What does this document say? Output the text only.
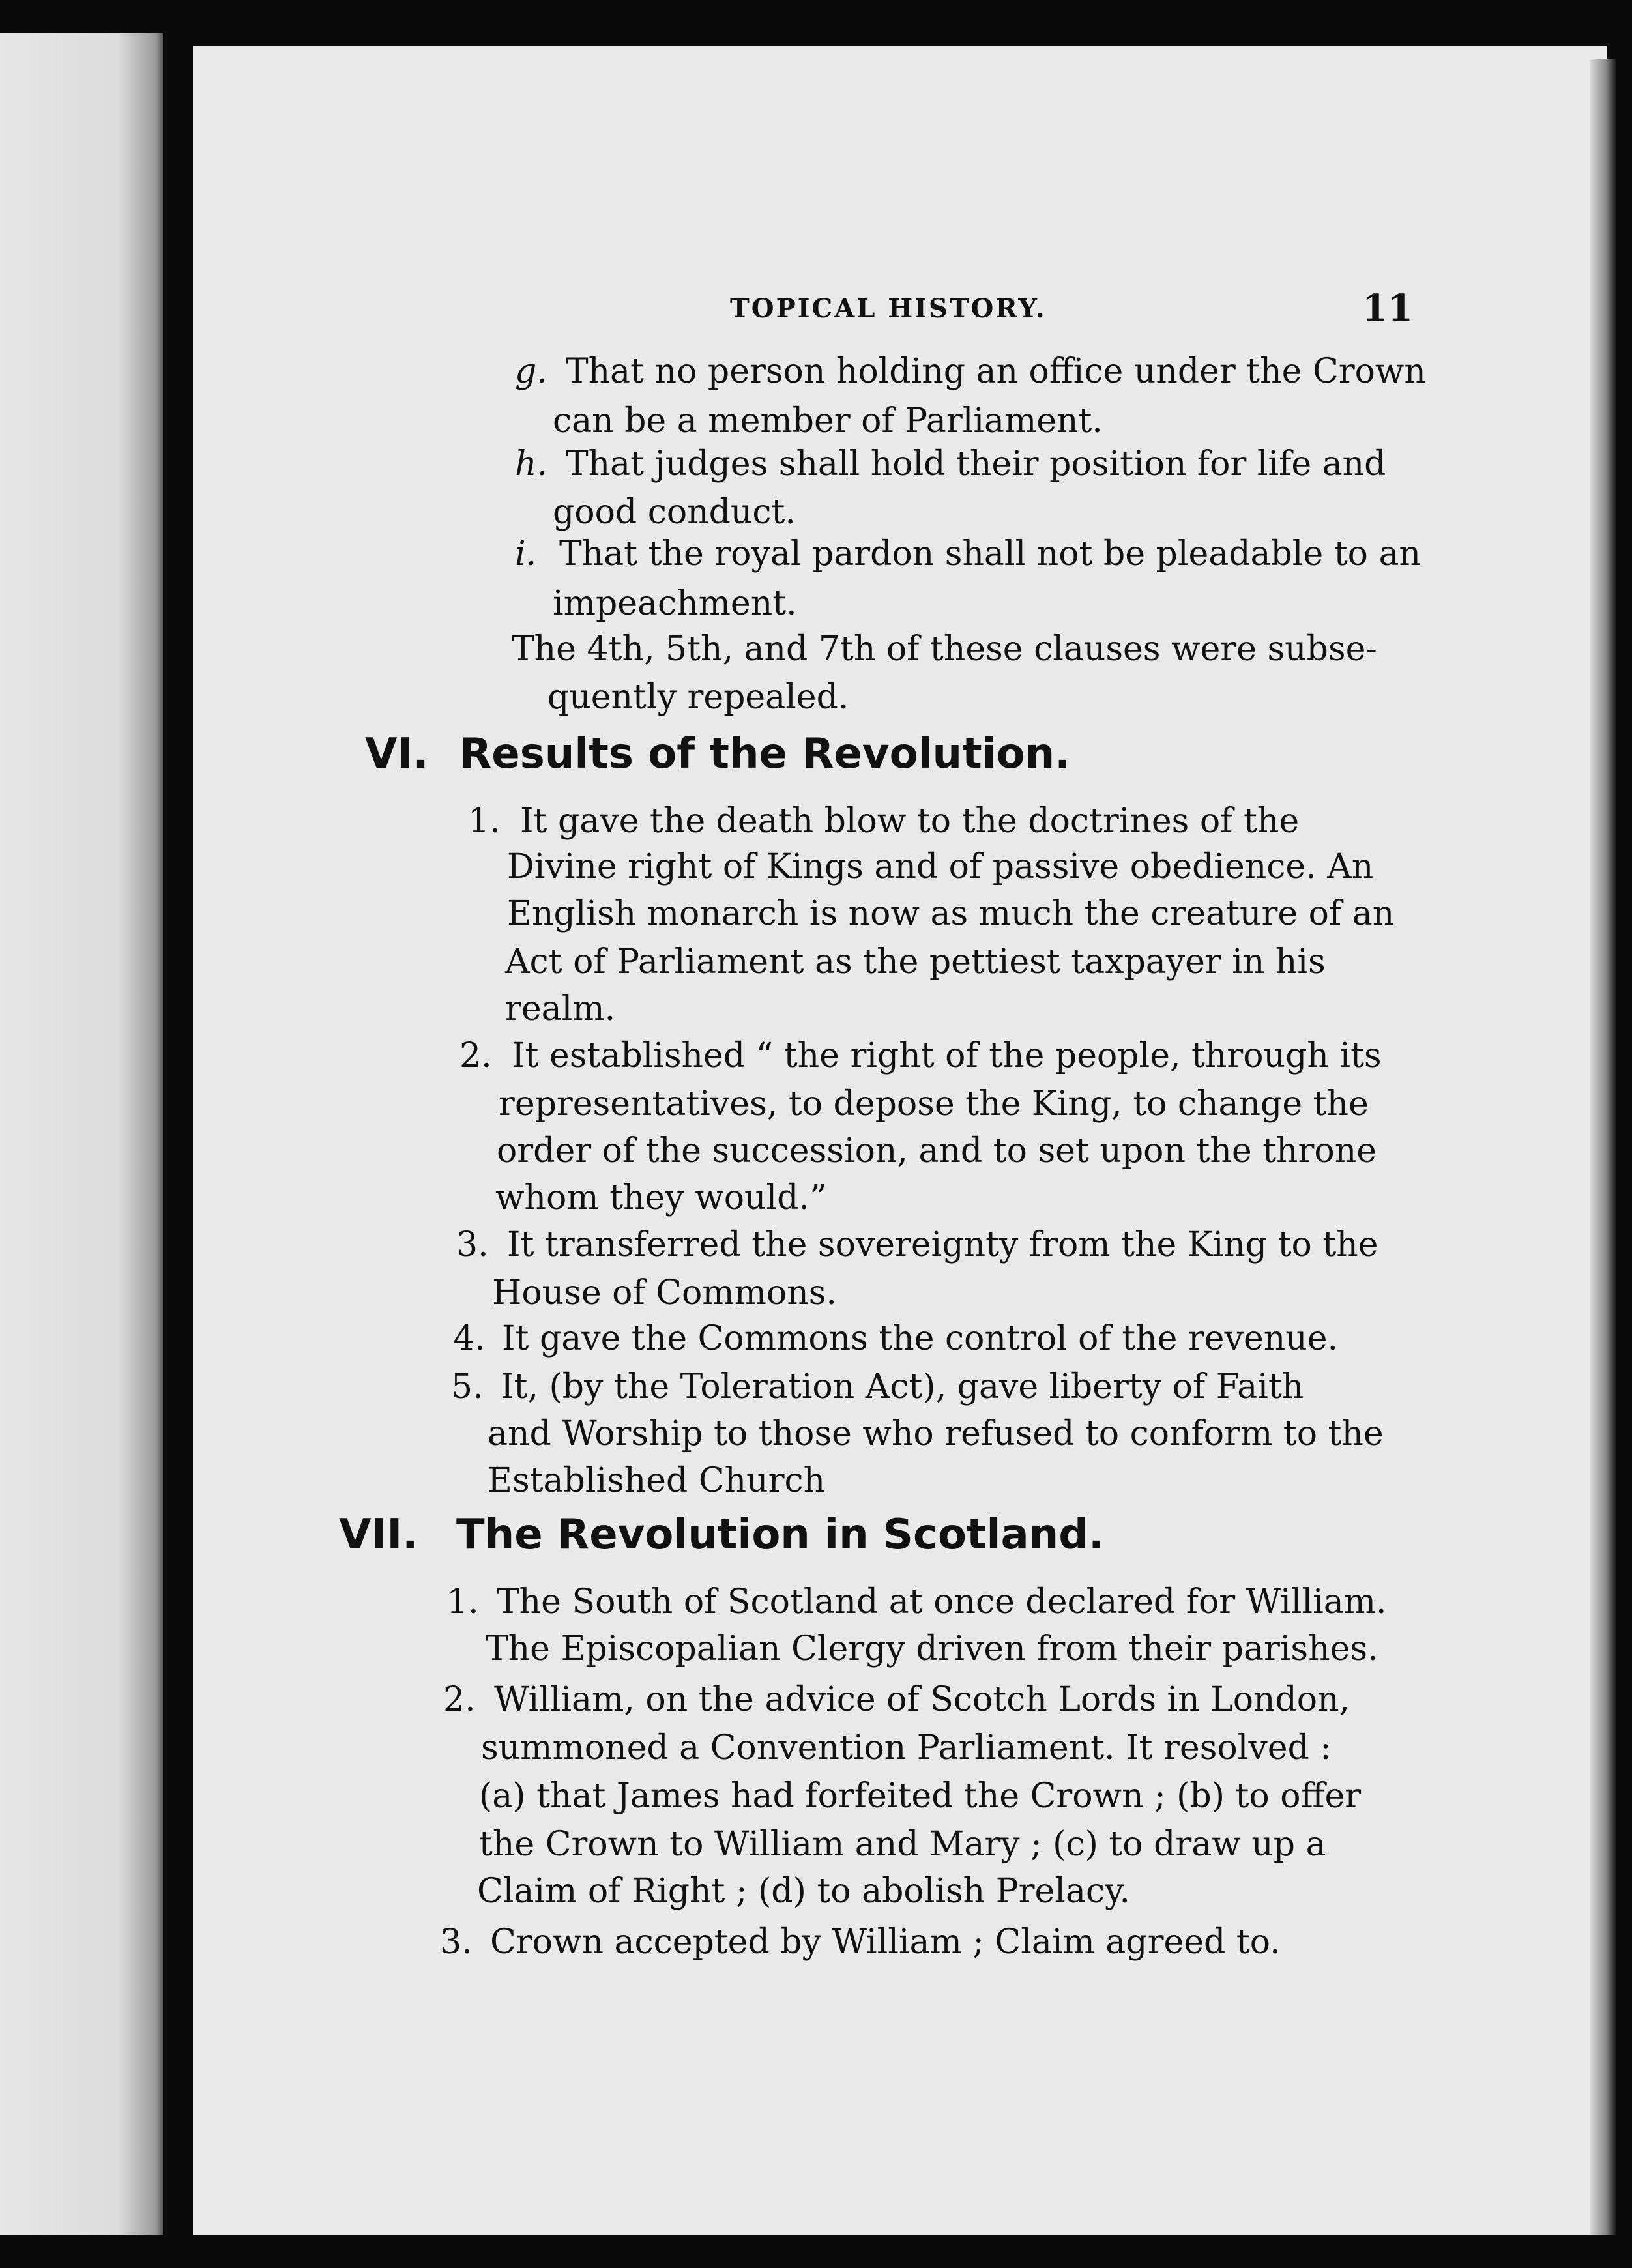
TOPICAL HISTORY.	11
g. That no person holding an office under the Crown
can be a member of Parliament.
h. That judges shall hold their position for life and
good conduct.
i. That the royal pardon shall not be pleadable to an
impeachment.
The 4th, 5th, and 7th of these clauses were subse-
quently repealed.
VI. Results of the Revolution.
1. It gave the death blow to the doctrines of the
Divine right of Kings and of passive obedience. An
English monarch is now as much the creature of an
Act of Parliament as the pettiest taxpayer in his
realm.
2. It established “ the right of the people, through its
representatives, to depose the King, to change the
order of the succession, and to set upon the throne
whom they would.”
3. It transferred the sovereignty from the King to the
House of Commons.
4. It gave the Commons the control of the revenue.
5. It, (by the Toleration Act), gave liberty of Faith
and Worship to those who refused to conform to the
Established Church
VII. The Revolution in Scotland.
1. The South of Scotland at once declared for William.
The Episcopalian Clergy driven from their parishes.
2. William, on the advice of Scotch Lords in London,
summoned a Convention Parliament. It resolved :
(a) that James had forfeited the Crown ; (b) to offer
the Crown to William and Mary ; (c) to draw up a
Claim of Right ; (d) to abolish Prelacy.
3. Crown accepted by William ; Claim agreed to.
